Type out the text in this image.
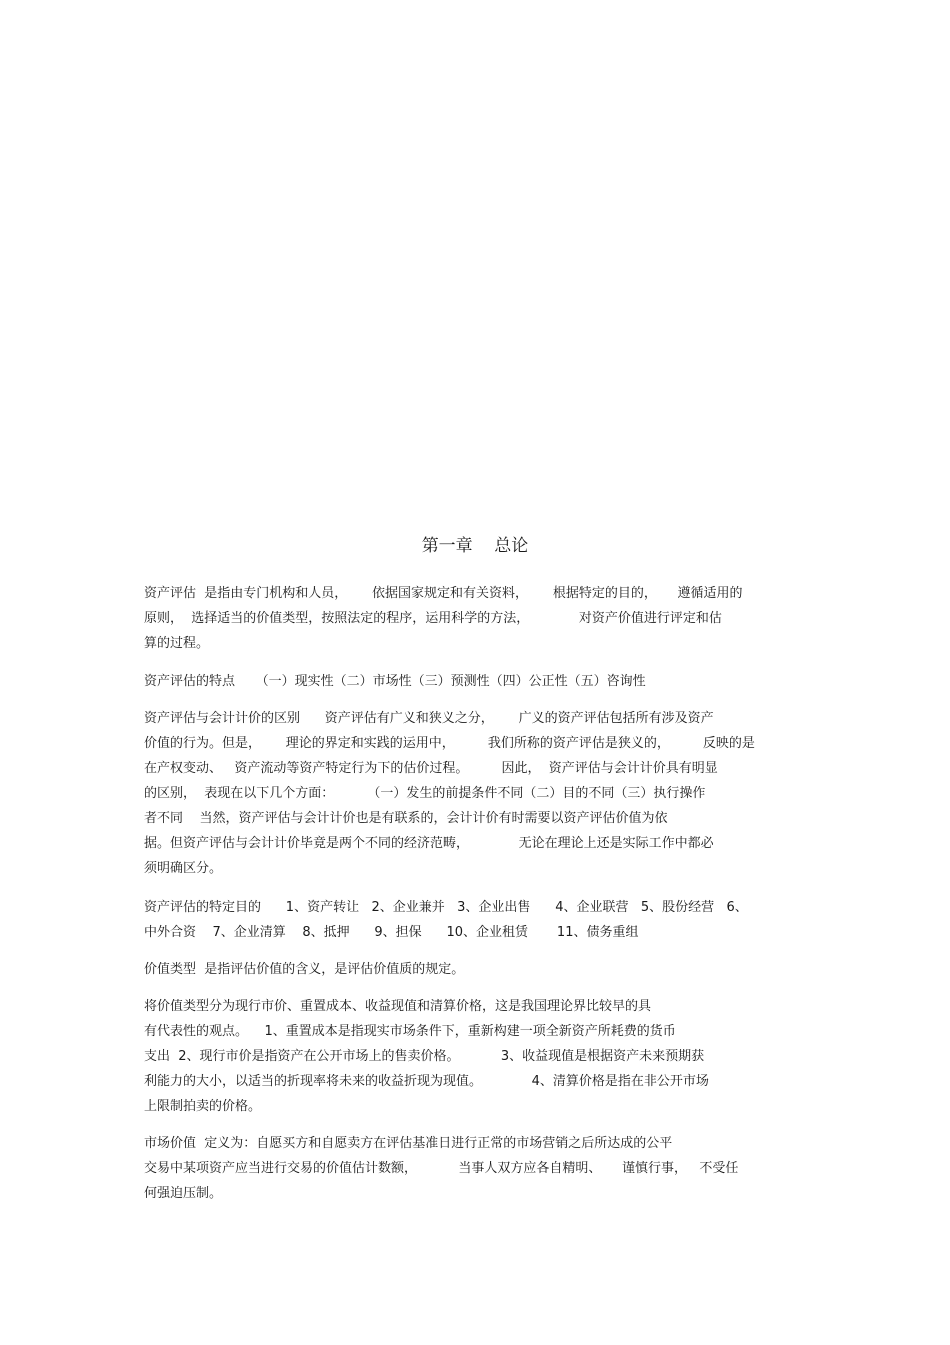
第一章    总论
资产评估  是指由专门机构和人员，      依据国家规定和有关资料，      根据特定的目的，     遵循适用的
原则，  选择适当的价值类型，按照法定的程序，运用科学的方法，            对资产价值进行评定和估
算的过程。
资产评估的特点     （一）现实性（二）市场性（三）预测性（四）公正性（五）咨询性
资产评估与会计计价的区别      资产评估有广义和狭义之分，      广义的资产评估包括所有涉及资产
价值的行为。但是，      理论的界定和实践的运用中，        我们所称的资产评估是狭义的，        反映的是
在产权变动、   资产流动等资产特定行为下的估价过程。        因此，  资产评估与会计计价具有明显
的区别，  表现在以下几个方面：        （一）发生的前提条件不同（二）目的不同（三）执行操作
者不同    当然，资产评估与会计计价也是有联系的，会计计价有时需要以资产评估价值为依
据。但资产评估与会计计价毕竟是两个不同的经济范畴，            无论在理论上还是实际工作中都必
须明确区分。
资产评估的特定目的      1、资产转让   2、企业兼并   3、企业出售      4、企业联营   5、股份经营   6、
中外合资    7、企业清算    8、抵押      9、担保      10、企业租赁       11、债务重组
价值类型  是指评估价值的含义，是评估价值质的规定。
将价值类型分为现行市价、重置成本、收益现值和清算价格，这是我国理论界比较早的具
有代表性的观点。    1、重置成本是指现实市场条件下，重新构建一项全新资产所耗费的货币
支出  2、现行市价是指资产在公开市场上的售卖价格。          3、收益现值是根据资产未来预期获
利能力的大小，以适当的折现率将未来的收益折现为现值。            4、清算价格是指在非公开市场
上限制拍卖的价格。
市场价值  定义为：自愿买方和自愿卖方在评估基准日进行正常的市场营销之后所达成的公平
交易中某项资产应当进行交易的价值估计数额，          当事人双方应各自精明、     谨慎行事，   不受任
何强迫压制。
